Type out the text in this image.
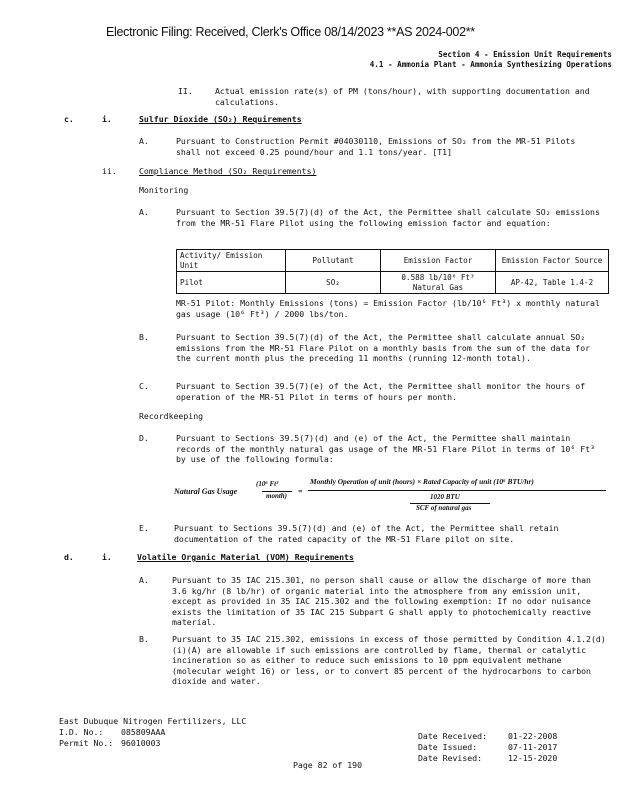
Electronic Filing: Received, Clerk's Office 08/14/2023 **AS 2024-002**
Section 4 - Emission Unit Requirements
4.1 - Ammonia Plant - Ammonia Synthesizing Operations
II.	Actual emission rate(s) of PM (tons/hour), with supporting documentation and calculations.
c.	i.	Sulfur Dioxide (SO₂) Requirements
A.	Pursuant to Construction Permit #04030110, Emissions of SO₂ from the MR-51 Pilots shall not exceed 0.25 pound/hour and 1.1 tons/year. [T1]
ii.	Compliance Method (SO₂ Requirements)
Monitoring
A.	Pursuant to Section 39.5(7)(d) of the Act, the Permittee shall calculate SO₂ emissions from the MR-51 Flare Pilot using the following emission factor and equation:
Activity/ Emission Unit	Pollutant	Emission Factor	Emission Factor Source
Pilot	SO₂	0.588 lb/10⁶ Ft³ Natural Gas	AP-42, Table 1.4-2
MR-51 Pilot: Monthly Emissions (tons) = Emission Factor (lb/10⁶ Ft³) x monthly natural gas usage (10⁶ Ft³) / 2000 lbs/ton.
B.	Pursuant to Section 39.5(7)(d) of the Act, the Permittee shall calculate annual SO₂ emissions from the MR-51 Flare Pilot on a monthly basis from the sum of the data for the current month plus the preceding 11 months (running 12-month total).
C.	Pursuant to Section 39.5(7)(e) of the Act, the Permittee shall monitor the hours of operation of the MR-51 Pilot in terms of hours per month.
Recordkeeping
D.	Pursuant to Sections 39.5(7)(d) and (e) of the Act, the Permittee shall maintain records of the monthly natural gas usage of the MR-51 Flare Pilot in terms of 10⁶ Ft³ by use of the following formula:
Natural Gas Usage
(10⁶ Ft³
month) =
Monthly Operation of unit (hours) × Rated Capacity of unit (10⁶ BTU/hr)
1020 BTU
SCF of natural gas
E.	Pursuant to Sections 39.5(7)(d) and (e) of the Act, the Permittee shall retain documentation of the rated capacity of the MR-51 Flare pilot on site.
d.	i.	Volatile Organic Material (VOM) Requirements
A.	Pursuant to 35 IAC 215.301, no person shall cause or allow the discharge of more than 3.6 kg/hr (8 lb/hr) of organic material into the atmosphere from any emission unit, except as provided in 35 IAC 215.302 and the following exemption: If no odor nuisance exists the limitation of 35 IAC 215 Subpart G shall apply to photochemically reactive material.
B.	Pursuant to 35 IAC 215.302, emissions in excess of those permitted by Condition 4.1.2(d)(i)(A) are allowable if such emissions are controlled by flame, thermal or catalytic incineration so as either to reduce such emissions to 10 ppm equivalent methane (molecular weight 16) or less, or to convert 85 percent of the hydrocarbons to carbon dioxide and water.
East Dubuque Nitrogen Fertilizers, LLC
I.D. No.: 085809AAA
Permit No.: 96010003
Date Received:	01-22-2008
Date Issued:	07-11-2017
Date Revised:	12-15-2020
Page 82 of 190
